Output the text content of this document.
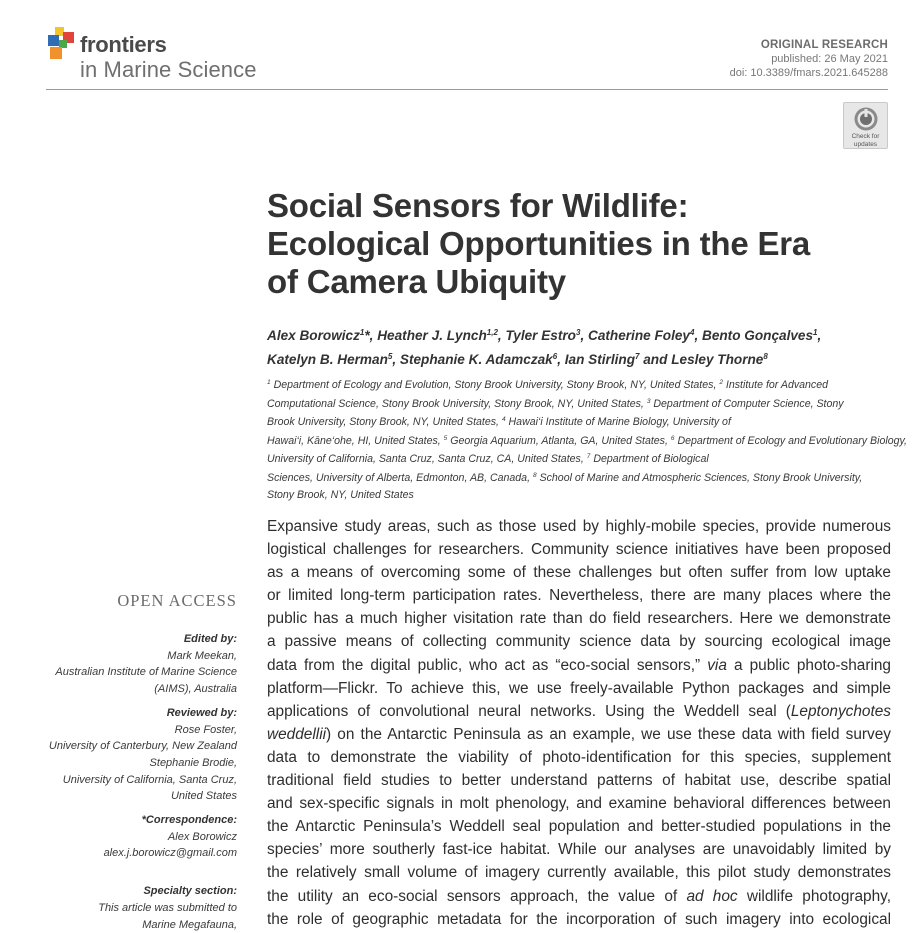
frontiers
in Marine Science
ORIGINAL RESEARCH
published: 26 May 2021
doi: 10.3389/fmars.2021.645288
Check for
updates
Social Sensors for Wildlife:
Ecological Opportunities in the Era
of Camera Ubiquity
Alex Borowicz$^1$*, Heather J. Lynch$^{1,2}$, Tyler Estro$^3$, Catherine Foley$^4$, Bento Gonçalves$^1$,
Katelyn B. Herman$^5$, Stephanie K. Adamczak$^6$, Ian Stirling$^7$ and Lesley Thorne$^8$
$^1$ Department of Ecology and Evolution, Stony Brook University, Stony Brook, NY, United States, $^2$ Institute for Advanced
Computational Science, Stony Brook University, Stony Brook, NY, United States, $^3$ Department of Computer Science, Stony
Brook University, Stony Brook, NY, United States, $^4$ Hawai‘i Institute of Marine Biology, University of
Hawai‘i, Kāne‘ohe, HI, United States, $^5$ Georgia Aquarium, Atlanta, GA, United States, $^6$ Department of Ecology and Evolutionary Biology,
University of California, Santa Cruz, Santa Cruz, CA, United States, $^7$ Department of Biological
Sciences, University of Alberta, Edmonton, AB, Canada, $^8$ School of Marine and Atmospheric Sciences, Stony Brook University,
Stony Brook, NY, United States
OPEN ACCESS
Edited by:
Mark Meekan,
Australian Institute of Marine Science
(AIMS), Australia
Reviewed by:
Rose Foster,
University of Canterbury, New Zealand
Stephanie Brodie,
University of California, Santa Cruz,
United States
*Correspondence:
Alex Borowicz
alex.j.borowicz@gmail.com
Specialty section:
This article was submitted to
Marine Megafauna,
Expansive study areas, such as those used by highly-mobile species, provide numerous
logistical challenges for researchers. Community science initiatives have been proposed
as a means of overcoming some of these challenges but often suffer from low uptake
or limited long-term participation rates. Nevertheless, there are many places where the
public has a much higher visitation rate than do field researchers. Here we demonstrate
a passive means of collecting community science data by sourcing ecological image
data from the digital public, who act as “eco-social sensors,” via a public photo-sharing
platform—Flickr. To achieve this, we use freely-available Python packages and simple
applications of convolutional neural networks. Using the Weddell seal (Leptonychotes
weddellii) on the Antarctic Peninsula as an example, we use these data with field survey
data to demonstrate the viability of photo-identification for this species, supplement
traditional field studies to better understand patterns of habitat use, describe spatial
and sex-specific signals in molt phenology, and examine behavioral differences between
the Antarctic Peninsula’s Weddell seal population and better-studied populations in the
species’ more southerly fast-ice habitat. While our analyses are unavoidably limited by
the relatively small volume of imagery currently available, this pilot study demonstrates
the utility an eco-social sensors approach, the value of ad hoc wildlife photography,
the role of geographic metadata for the incorporation of such imagery into ecological
